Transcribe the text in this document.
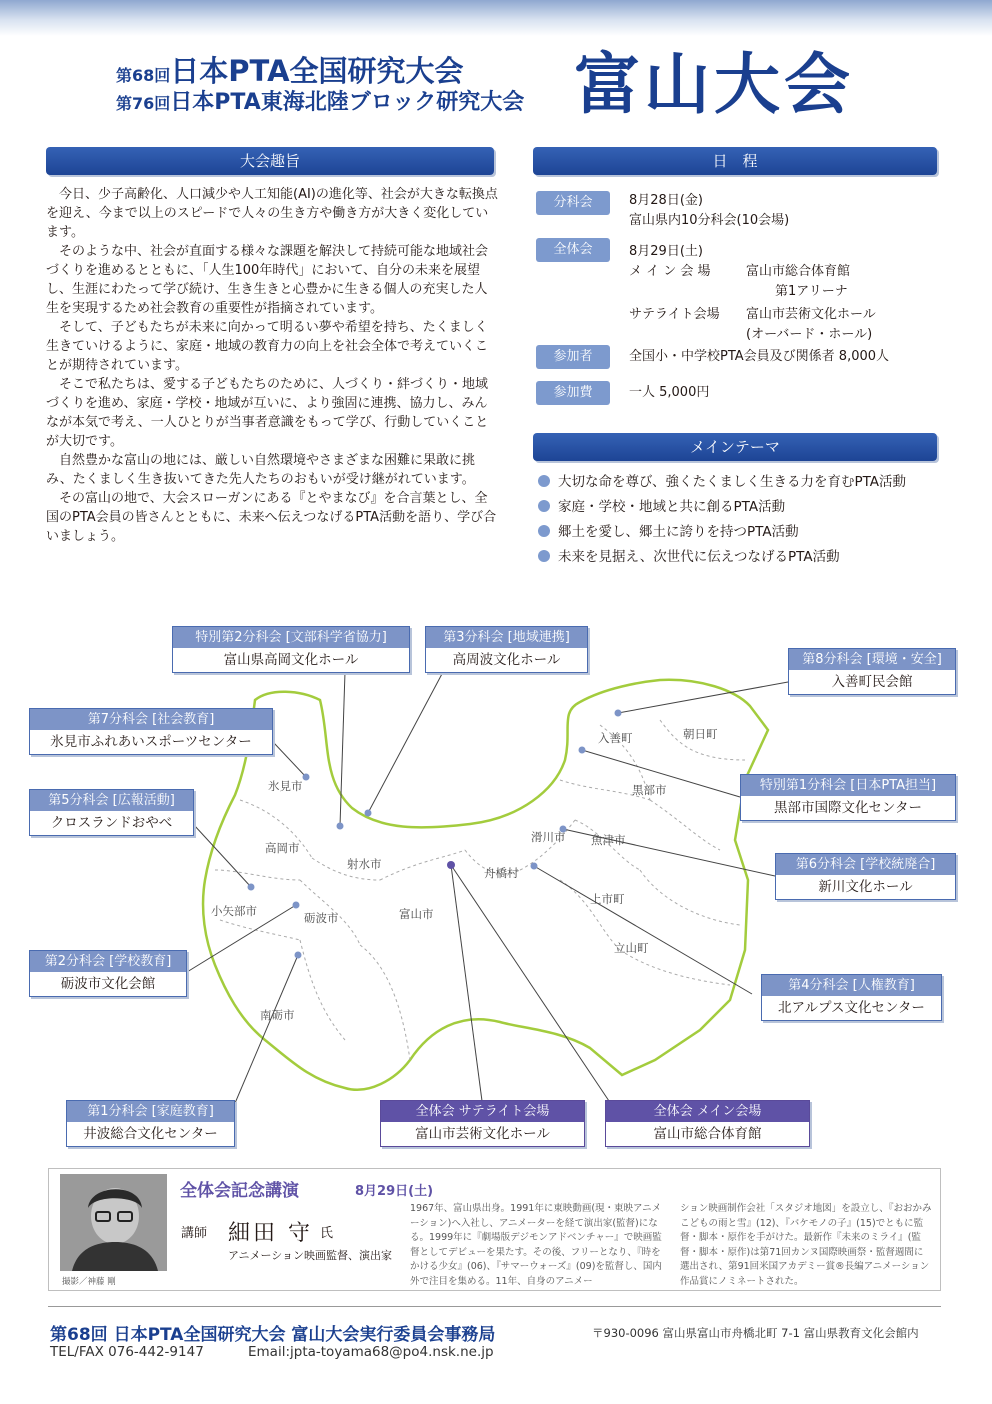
第68回日本PTA全国研究大会
第76回日本PTA東海北陸ブロック研究大会 富山大会
大会趣旨

今日、少子高齢化、人口減少や人工知能(AI)の進化等、社会が大きな転換点を迎え、今まで以上のスピードで人々の生き方や働き方が大きく変化しています。

そのような中、社会が直面する様々な課題を解決して持続可能な地域社会づくりを進めるとともに、「人生100年時代」において、自分の未来を展望し、生涯にわたって学び続け、生き生きと心豊かに生きる個人の充実した人生を実現するため社会教育の重要性が指摘されています。

そして、子どもたちが未来に向かって明るい夢や希望を持ち、たくましく生きていけるように、家庭・地域の教育力の向上を社会全体で考えていくことが期待されています。

そこで私たちは、愛する子どもたちのために、人づくり・絆づくり・地域づくりを進め、家庭・学校・地域が互いに、より強固に連携、協力し、みんなが本気で考え、一人ひとりが当事者意識をもって学び、行動していくことが大切です。

自然豊かな富山の地には、厳しい自然環境やさまざまな困難に果敢に挑み、たくましく生き抜いてきた先人たちのおもいが受け継がれています。

その富山の地で、大会スローガンにある『とやまなび』を合言葉とし、全国のPTA会員の皆さんとともに、未来へ伝えつなげるPTA活動を語り、学び合いましょう。

日　程
分科会	8月28日(金)
富山県内10分科会(10会場)
全体会	8月29日(土)
メ イ ン 会 場	富山市総合体育館
第1アリーナ
サテライト会場 富山市芸術文化ホール
(オーバード・ホール)
参加者	全国小・中学校PTA会員及び関係者 8,000人
参加費	一人 5,000円
メインテーマ
大切な命を尊び、強くたくましく生きる力を育むPTA活動
家庭・学校・地域と共に創るPTA活動
郷土を愛し、郷土に誇りを持つPTA活動
未来を見据え、次世代に伝えつなげるPTA活動
氷見市
高岡市
射水市
小矢部市	砺波市
南砺市
富山市
舟橋村
滑川市 魚津市
上市町
立山町
黒部市
入善町	朝日町
特別第2分科会 [文部科学省協力]
富山県高岡文化ホール
第3分科会 [地域連携]
高周波文化ホール	第8分科会 [環境・安全]
入善町民会館
第7分科会 [社会教育]
氷見市ふれあいスポーツセンター
第5分科会 [広報活動]
クロスランドおやべ
特別第1分科会 [日本PTA担当]
黒部市国際文化センター
第6分科会 [学校統廃合]
新川文化ホール
第2分科会 [学校教育]
砺波市文化会館	第4分科会 [人権教育]
北アルプス文化センター
第1分科会 [家庭教育]
井波総合文化センター
全体会 サテライト会場
富山市芸術文化ホール
全体会 メイン会場
富山市総合体育館
撮影／神藤 剛
全体会記念講演	8月29日(土)
講師 細田 守 氏
アニメーション映画監督、演出家
1967年、富山県出身。1991年に東映動画(現・東映アニメーション)へ入社し、アニメーターを経て演出家(監督)になる。1999年に『劇場版デジモンアドベンチャー』で映画監督としてデビューを果たす。その後、フリーとなり、『時をかける少女』(06)、『サマーウォーズ』(09)を監督し、国内外で注目を集める。11年、自身のアニメー
ション映画制作会社「スタジオ地図」を設立し、『おおかみこどもの雨と雪』(12)、『バケモノの子』(15)でともに監督・脚本・原作を手がけた。最新作『未来のミライ』(監督・脚本・原作)は第71回カンヌ国際映画祭・監督週間に選出され、第91回米国アカデミー賞®長編アニメーション作品賞にノミネートされた。
第68回 日本PTA全国研究大会 富山大会実行委員会事務局	〒930-0096 富山県富山市舟橋北町 7-1 富山県教育文化会館内
TEL/FAX 076-442-9147	Email:jpta-toyama68@po4.nsk.ne.jp
